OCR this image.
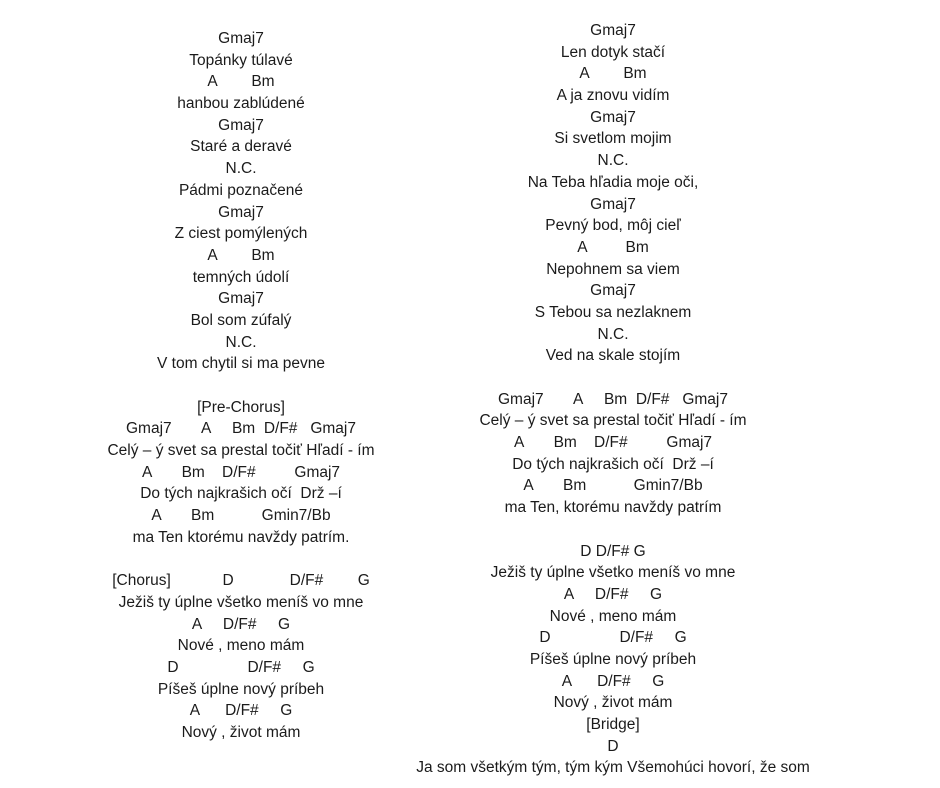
Gmaj7
Topánky túlavé
A        Bm
hanbou zablúdené
Gmaj7
Staré a deravé
N.C.
Pádmi poznačené
Gmaj7
Z ciest pomýlených
A        Bm
temných údolí
Gmaj7
Bol som zúfalý
N.C.
V tom chytil si ma pevne
[Pre-Chorus]
Gmaj7       A     Bm  D/F#   Gmaj7
Celý – ý svet sa prestal točiť Hľadí - ím
A       Bm    D/F#         Gmaj7
Do tých najkrašich očí  Drž –í
A       Bm           Gmin7/Bb
ma Ten ktorému navždy patrím.
[Chorus]            D             D/F#        G
Ježiš ty úplne všetko meníš vo mne
A     D/F#     G
Nové , meno mám
D                D/F#     G
Píšeš úplne nový príbeh
A      D/F#     G
Nový , život mám
Gmaj7
Len dotyk stačí
A        Bm
A ja znovu vidím
Gmaj7
Si svetlom mojim
N.C.
Na Teba hľadia moje oči,
Gmaj7
Pevný bod, môj cieľ
A         Bm
Nepohnem sa viem
Gmaj7
S Tebou sa nezlaknem
N.C.
Ved na skale stojím
Gmaj7       A     Bm  D/F#   Gmaj7
Celý – ý svet sa prestal točiť Hľadí - ím
A       Bm    D/F#         Gmaj7
Do tých najkrašich očí  Drž –í
A       Bm           Gmin7/Bb
ma Ten, ktorému navždy patrím
D D/F# G
Ježiš ty úplne všetko meníš vo mne
A     D/F#     G
Nové , meno mám
D                D/F#     G
Píšeš úplne nový príbeh
A      D/F#     G
Nový , život mám
[Bridge]
D
Ja som všetkým tým, tým kým Všemohúci hovorí, že som
